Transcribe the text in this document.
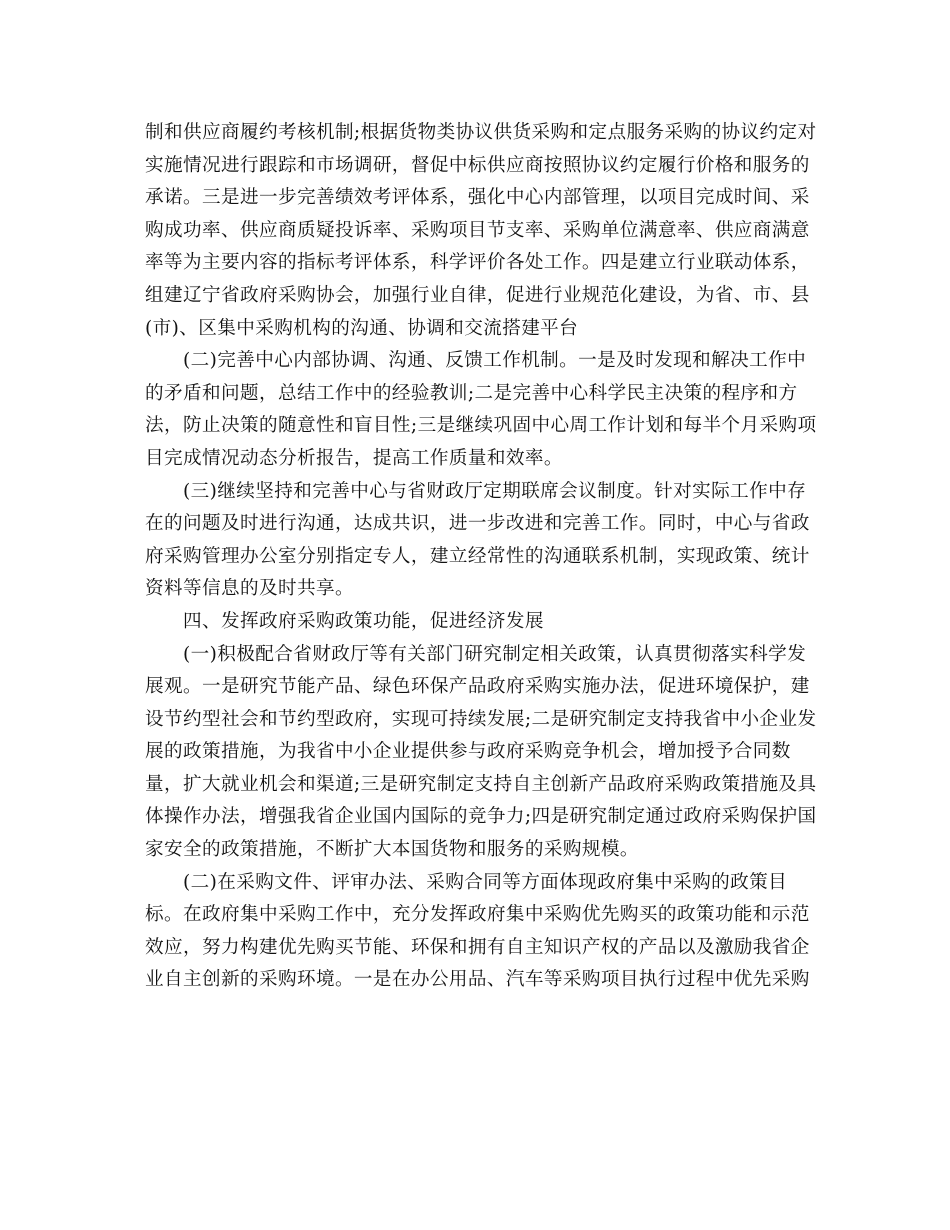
制和供应商履约考核机制;根据货物类协议供货采购和定点服务采购的协议约定对
实施情况进行跟踪和市场调研，督促中标供应商按照协议约定履行价格和服务的
承诺。三是进一步完善绩效考评体系，强化中心内部管理，以项目完成时间、采
购成功率、供应商质疑投诉率、采购项目节支率、采购单位满意率、供应商满意
率等为主要内容的指标考评体系，科学评价各处工作。四是建立行业联动体系，
组建辽宁省政府采购协会，加强行业自律，促进行业规范化建设，为省、市、县
(市)、区集中采购机构的沟通、协调和交流搭建平台
　　(二)完善中心内部协调、沟通、反馈工作机制。一是及时发现和解决工作中
的矛盾和问题，总结工作中的经验教训;二是完善中心科学民主决策的程序和方
法，防止决策的随意性和盲目性;三是继续巩固中心周工作计划和每半个月采购项
目完成情况动态分析报告，提高工作质量和效率。
　　(三)继续坚持和完善中心与省财政厅定期联席会议制度。针对实际工作中存
在的问题及时进行沟通，达成共识，进一步改进和完善工作。同时，中心与省政
府采购管理办公室分别指定专人，建立经常性的沟通联系机制，实现政策、统计
资料等信息的及时共享。
　　四、发挥政府采购政策功能，促进经济发展
　　(一)积极配合省财政厅等有关部门研究制定相关政策，认真贯彻落实科学发
展观。一是研究节能产品、绿色环保产品政府采购实施办法，促进环境保护，建
设节约型社会和节约型政府，实现可持续发展;二是研究制定支持我省中小企业发
展的政策措施，为我省中小企业提供参与政府采购竞争机会，增加授予合同数
量，扩大就业机会和渠道;三是研究制定支持自主创新产品政府采购政策措施及具
体操作办法，增强我省企业国内国际的竞争力;四是研究制定通过政府采购保护国
家安全的政策措施，不断扩大本国货物和服务的采购规模。
　　(二)在采购文件、评审办法、采购合同等方面体现政府集中采购的政策目
标。在政府集中采购工作中，充分发挥政府集中采购优先购买的政策功能和示范
效应，努力构建优先购买节能、环保和拥有自主知识产权的产品以及激励我省企
业自主创新的采购环境。一是在办公用品、汽车等采购项目执行过程中优先采购
